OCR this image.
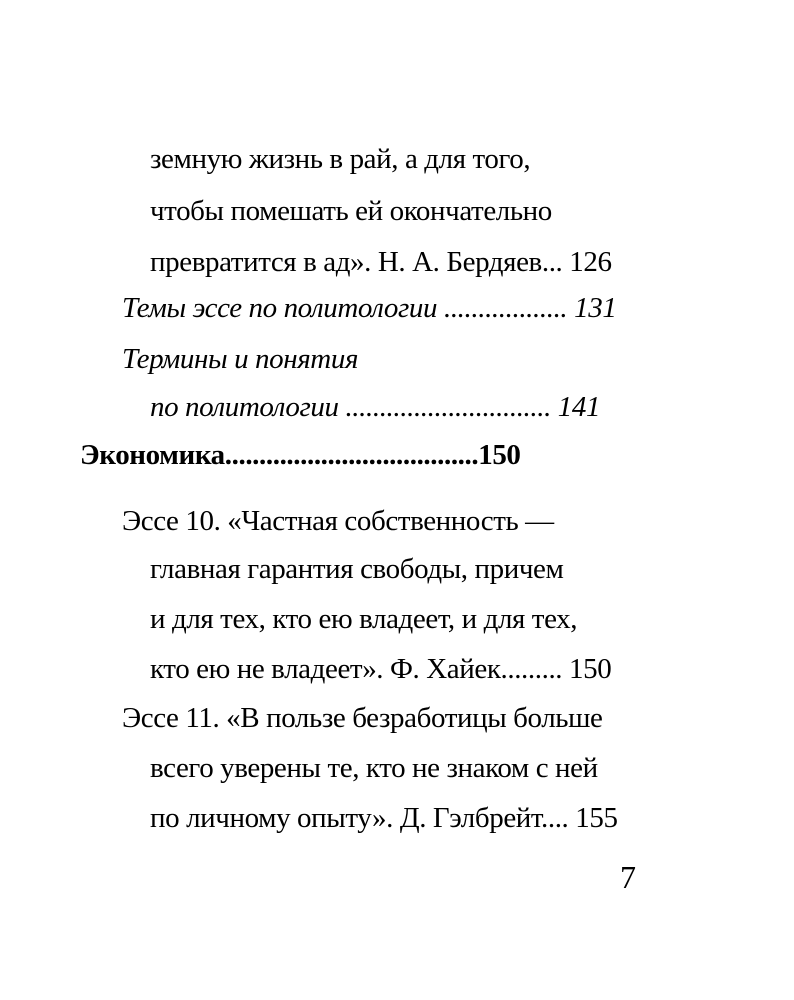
земную жизнь в рай, а для того,
чтобы помешать ей окончательно
превратится в ад». Н. А. Бердяев... 126
Темы эссе по политологии .................. 131
Термины и понятия
по политологии .............................. 141
Экономика.....................................150
Эссе 10. «Частная собственность —
главная гарантия свободы, причем
и для тех, кто ею владеет, и для тех,
кто ею не владеет». Ф. Хайек......... 150
Эссе 11. «В пользе безработицы больше
всего уверены те, кто не знаком с ней
по личному опыту». Д. Гэлбрейт.... 155
7
